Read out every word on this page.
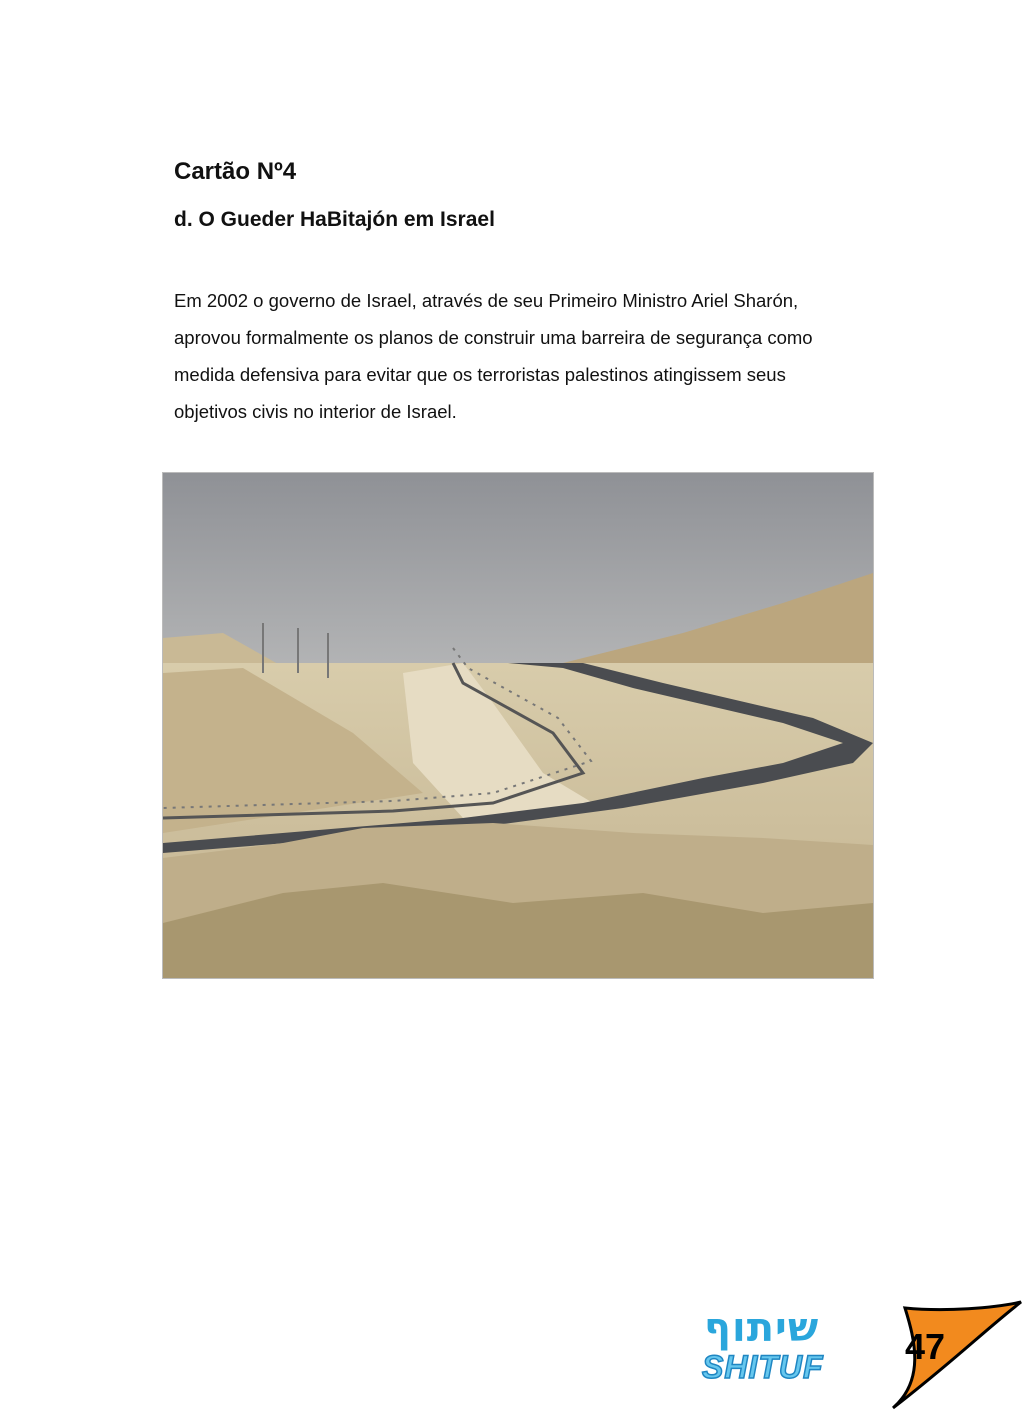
Cartão Nº4
d. O Gueder HaBitajón em Israel

Em 2002 o governo de Israel, através de seu Primeiro Ministro Ariel Sharón,
aprovou formalmente os planos de construir uma barreira de segurança como
medida defensiva para evitar que os terroristas palestinos atingissem seus
objetivos civis no interior de Israel.

שיתוף
SHITUF 47
